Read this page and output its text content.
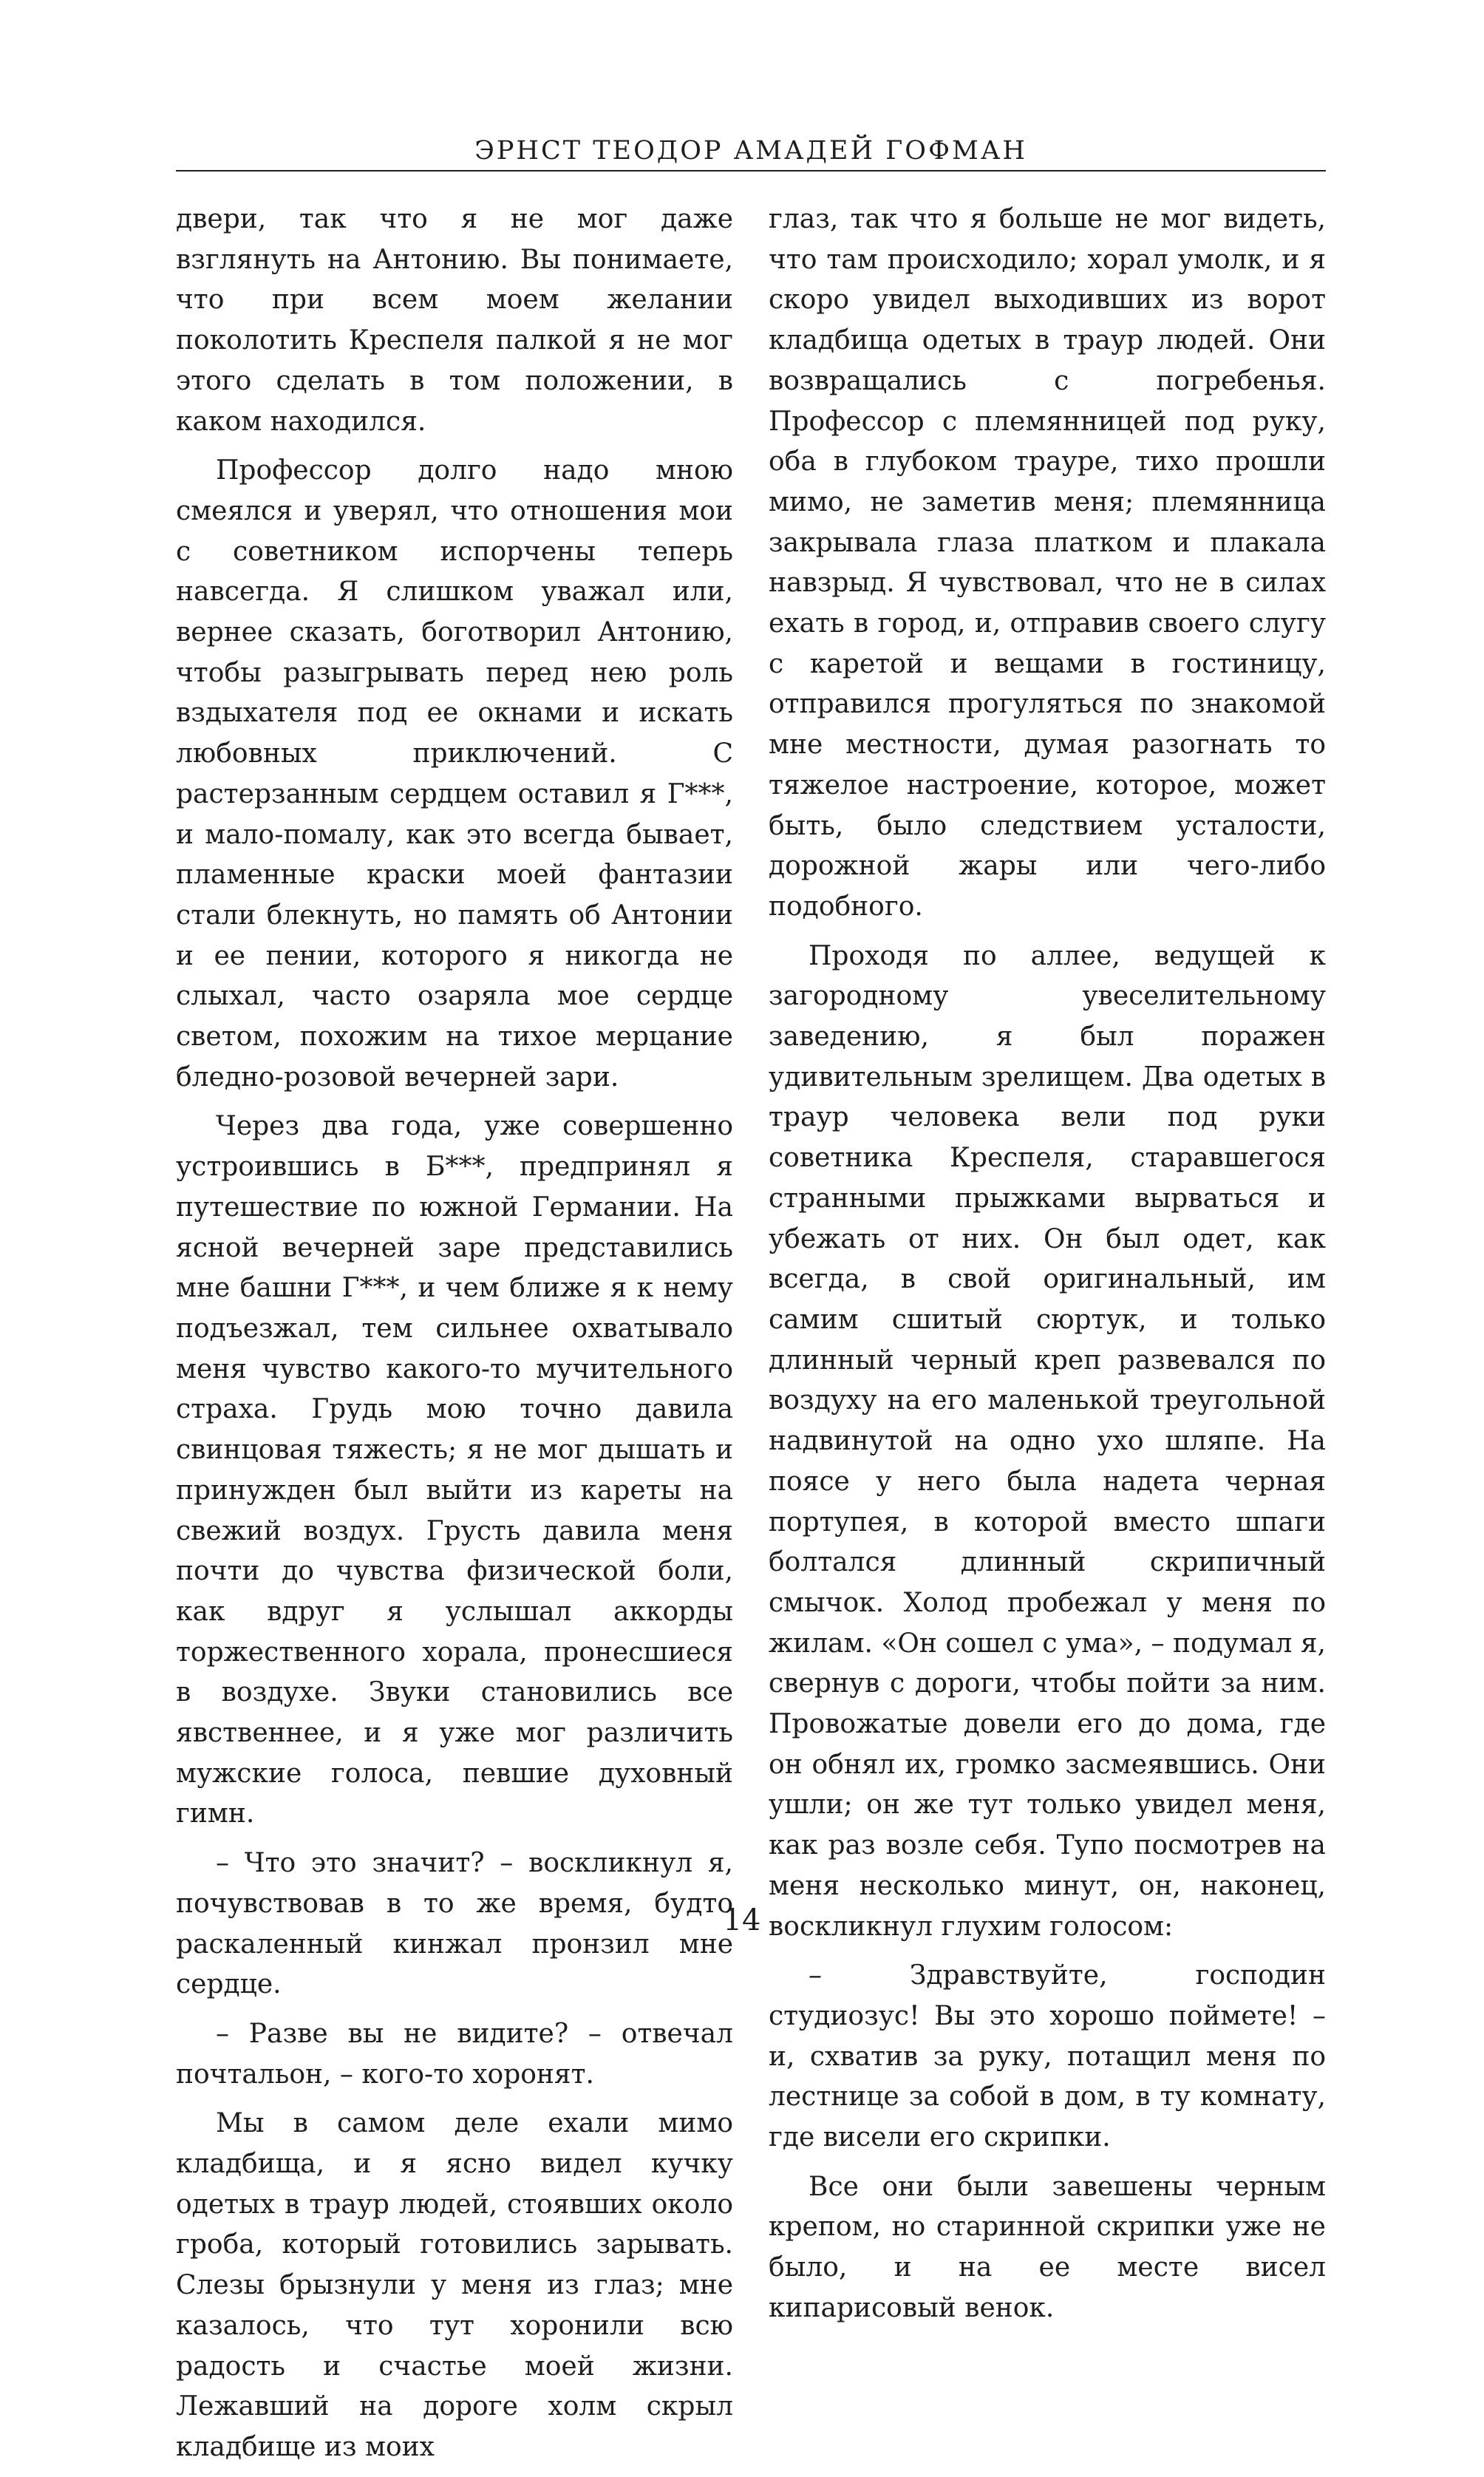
ЭРНСТ ТЕОДОР АМАДЕЙ ГОФМАН

двери, так что я не мог даже взглянуть на Антонию. Вы понимаете, что при всем моем желании поколотить Креспеля палкой я не мог этого сделать в том положении, в каком находился.

Профессор долго надо мною смеялся и уверял, что отношения мои с советником испорчены теперь навсегда. Я слишком уважал или, вернее сказать, боготворил Антонию, чтобы разыгрывать перед нею роль вздыхателя под ее окнами и искать любовных приключений. С растерзанным сердцем оставил я Г***, и мало-помалу, как это всегда бывает, пламенные краски моей фантазии стали блекнуть, но память об Антонии и ее пении, которого я никогда не слыхал, часто озаряла мое сердце светом, похожим на тихое мерцание бледно-розовой вечерней зари.

Через два года, уже совершенно устроившись в Б***, предпринял я путешествие по южной Германии. На ясной вечерней заре представились мне башни Г***, и чем ближе я к нему подъезжал, тем сильнее охватывало меня чувство какого-то мучительного страха. Грудь мою точно давила свинцовая тяжесть; я не мог дышать и принужден был выйти из кареты на свежий воздух. Грусть давила меня почти до чувства физической боли, как вдруг я услышал аккорды торжественного хорала, пронесшиеся в воздухе. Звуки становились все явственнее, и я уже мог различить мужские голоса, певшие духовный гимн.

– Что это значит? – воскликнул я, почувствовав в то же время, будто раскаленный кинжал пронзил мне сердце.

– Разве вы не видите? – отвечал почтальон, – кого-то хоронят.

Мы в самом деле ехали мимо кладбища, и я ясно видел кучку одетых в траур людей, стоявших около гроба, который готовились зарывать. Слезы брызнули у меня из глаз; мне казалось, что тут хоронили всю радость и счастье моей жизни. Лежавший на дороге холм скрыл кладбище из моих

глаз, так что я больше не мог видеть, что там происходило; хорал умолк, и я скоро увидел выходивших из ворот кладбища одетых в траур людей. Они возвращались с погребенья. Профессор с племянницей под руку, оба в глубоком трауре, тихо прошли мимо, не заметив меня; племянница закрывала глаза платком и плакала навзрыд. Я чувствовал, что не в силах ехать в город, и, отправив своего слугу с каретой и вещами в гостиницу, отправился прогуляться по знакомой мне местности, думая разогнать то тяжелое настроение, которое, может быть, было следствием усталости, дорожной жары или чего-либо подобного.

Проходя по аллее, ведущей к загородному увеселительному заведению, я был поражен удивительным зрелищем. Два одетых в траур человека вели под руки советника Креспеля, старавшегося странными прыжками вырваться и убежать от них. Он был одет, как всегда, в свой оригинальный, им самим сшитый сюртук, и только длинный черный креп развевался по воздуху на его маленькой треугольной надвинутой на одно ухо шляпе. На поясе у него была надета черная портупея, в которой вместо шпаги болтался длинный скрипичный смычок. Холод пробежал у меня по жилам. «Он сошел с ума», – подумал я, свернув с дороги, чтобы пойти за ним. Провожатые довели его до дома, где он обнял их, громко засмеявшись. Они ушли; он же тут только увидел меня, как раз возле себя. Тупо посмотрев на меня несколько минут, он, наконец, воскликнул глухим голосом:

– Здравствуйте, господин студиозус! Вы это хорошо поймете! – и, схватив за руку, потащил меня по лестнице за собой в дом, в ту комнату, где висели его скрипки.

Все они были завешены черным крепом, но старинной скрипки уже не было, и на ее месте висел кипарисовый венок.

14
